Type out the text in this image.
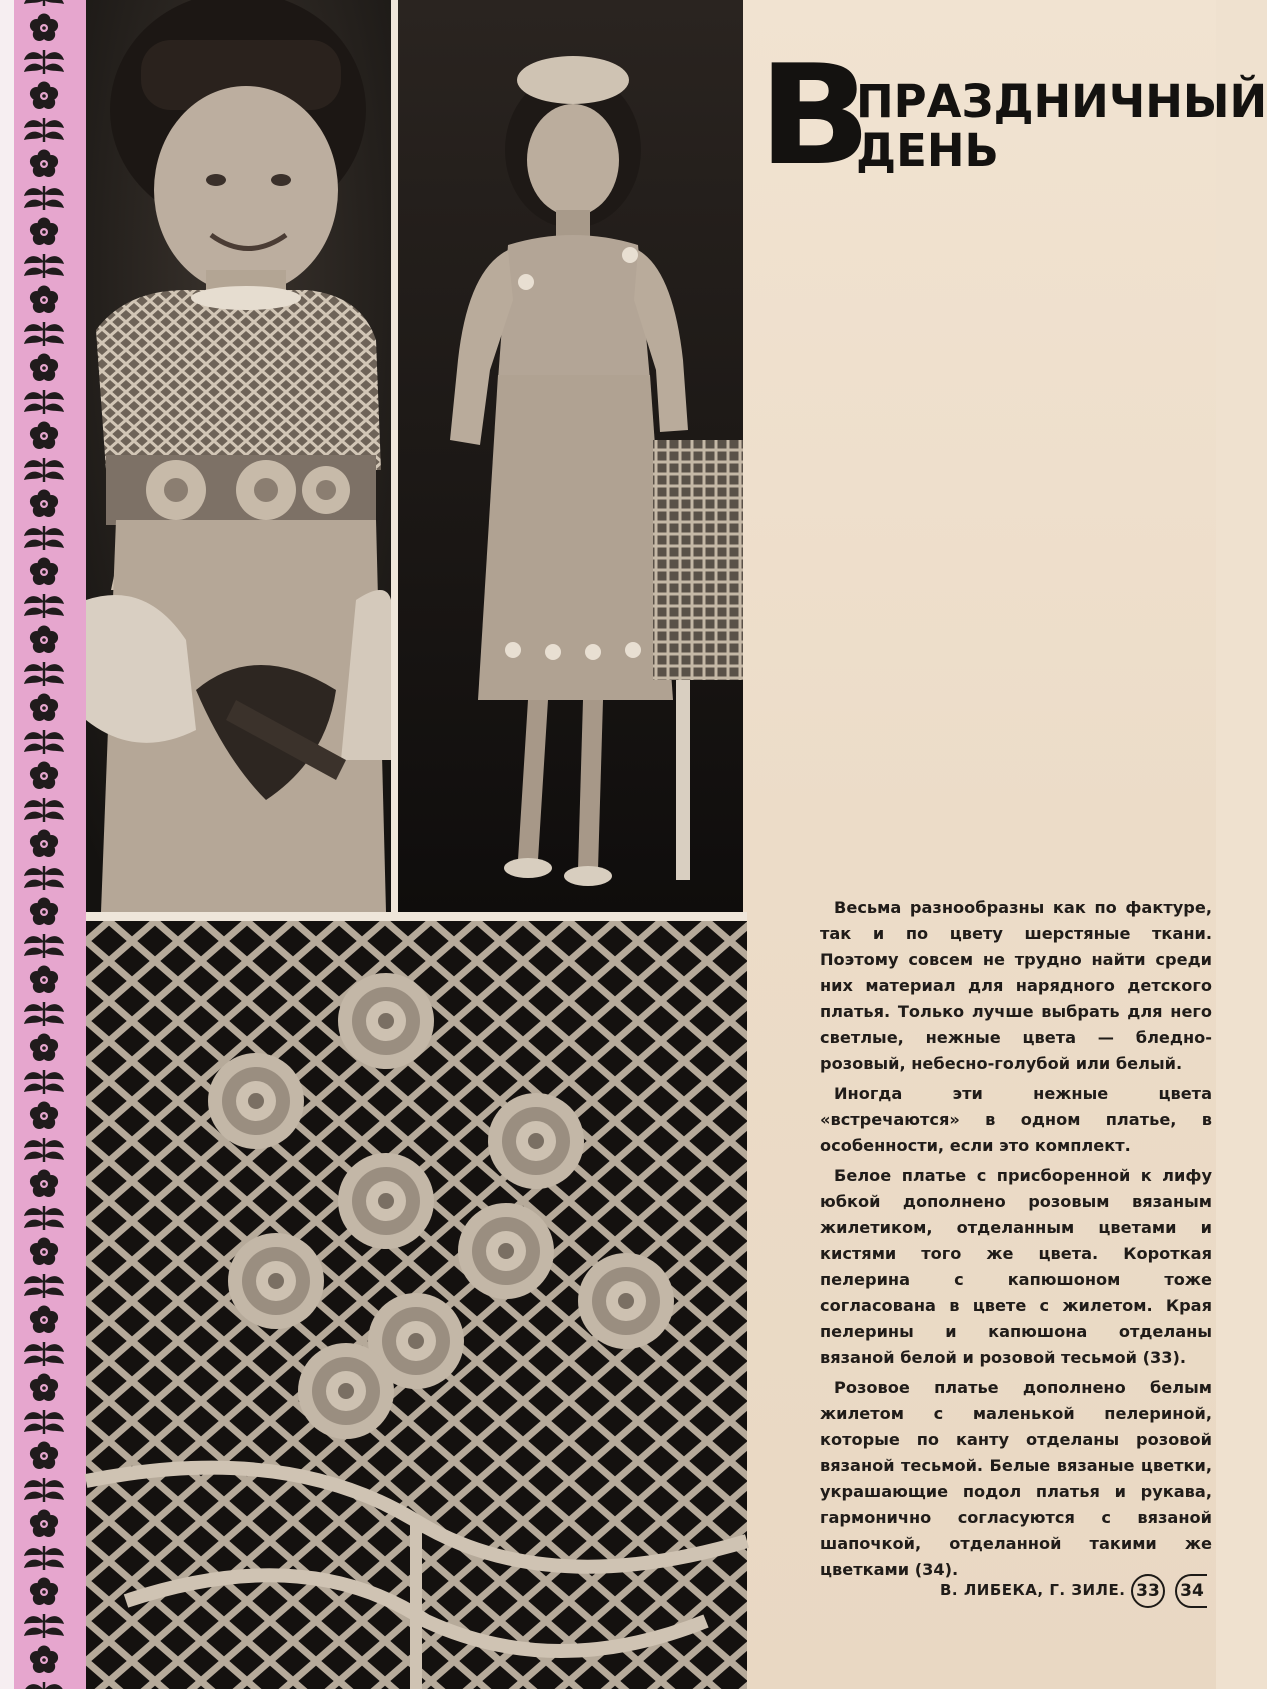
В
ПРАЗДНИЧНЫЙ
ДЕНЬ

Весьма разнообразны как по фактуре, так и по цвету шерстяные ткани. Поэтому совсем не трудно найти среди них материал для нарядного детского платья. Только лучше выбрать для него светлые, нежные цвета — бледно-розовый, небесно-голубой или белый.

Иногда эти нежные цвета «встречаются» в одном платье, в особенности, если это комплект.

Белое платье с присборенной к лифу юбкой дополнено розовым вязаным жилетиком, отделанным цветами и кистями того же цвета. Короткая пелерина с капюшоном тоже согласована в цвете с жилетом. Края пелерины и капюшона отделаны вязаной белой и розовой тесьмой (33).

Розовое платье дополнено белым жилетом с маленькой пелериной, которые по канту отделаны розовой вязаной тесьмой. Белые вязаные цветки, украшающие подол платья и рукава, гармонично согласуются с вязаной шапочкой, отделанной такими же цветками (34).

В. ЛИБЕКА, Г. ЗИЛЕ. 33	34
